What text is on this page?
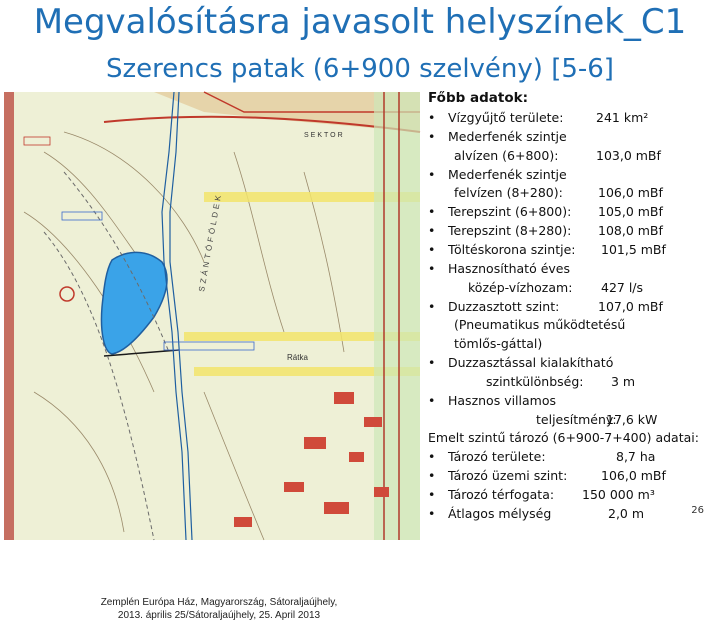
Megvalósításra javasolt helyszínek_C1
Szerencs patak (6+900 szelvény) [5-6]
SEKTOR
SZÁNTÓFÖLDEK
Rátka
Zemplén Európa Ház, Magyarország, Sátoraljaújhely,
2013. április 25/Sátoraljaújhely, 25. April 2013
Főbb adatok:
• Vízgyűjtő területe:	241 km²
• Mederfenék szintje
alvízen (6+800):	103,0 mBf
• Mederfenék szintje
felvízen (8+280):	106,0 mBf
• Terepszint (6+800): 105,0 mBf
• Terepszint (8+280): 108,0 mBf
• Töltéskorona szintje: 101,5 mBf
• Hasznosítható éves
közép-vízhozam: 427 l/s
• Duzzasztott szint:	107,0 mBf
(Pneumatikus működtetésű
tömlős-gáttal)
• Duzzasztással kialakítható
szintkülönbség: 3 m
• Hasznos villamos
teljesítmény:
17,6 kW
Emelt szintű tározó (6+900-7+400) adatai:
• Tározó területe:	8,7 ha
• Tározó üzemi szint:	106,0 mBf
• Tározó térfogata: 150 000 m³
• Átlagos mélység	2,0 m	26
